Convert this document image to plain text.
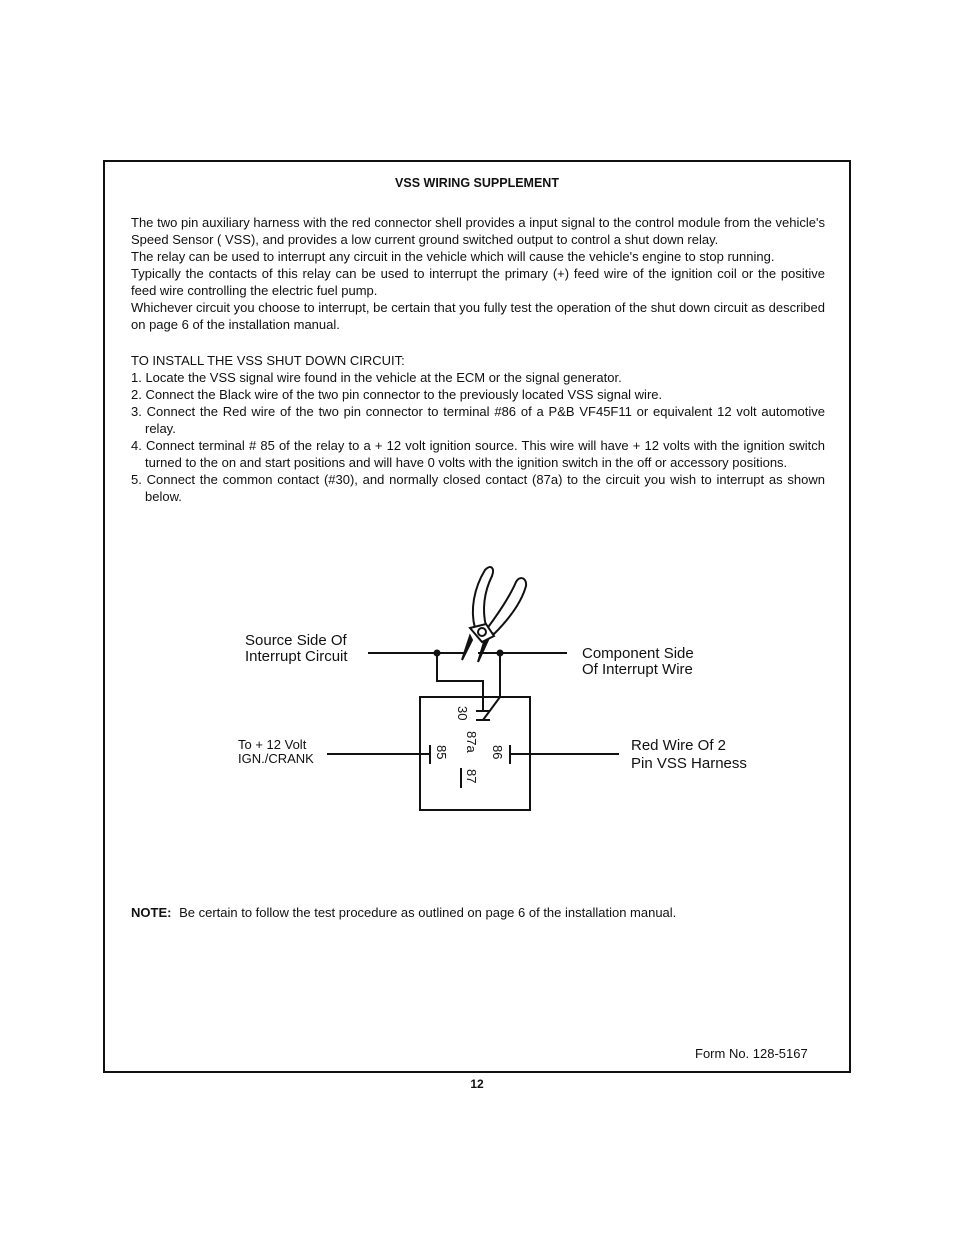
VSS WIRING SUPPLEMENT

The two pin auxiliary harness with the red connector shell provides a input signal to the control module from the vehicle's Speed Sensor ( VSS), and provides a low current ground switched output to control a shut down relay.

The relay can be used to interrupt any circuit in the vehicle which will cause the vehicle's engine to stop running.

Typically the contacts of this relay can be used to interrupt the primary (+) feed wire of the ignition coil or the positive feed wire controlling the electric fuel pump.

Whichever circuit you choose to interrupt, be certain that you fully test the operation of the shut down circuit as described on page 6 of the installation manual.

TO INSTALL THE VSS SHUT DOWN CIRCUIT:

1. Locate the VSS signal wire found in the vehicle at the ECM or the signal generator.

2. Connect the Black wire of the two pin connector to the previously located VSS signal wire.

3. Connect the Red wire of the two pin connector to terminal #86 of a P&B VF45F11 or equivalent 12 volt automotive relay.

4. Connect terminal # 85 of the relay to a + 12 volt ignition source. This wire will have + 12 volts with the ignition switch turned to the on and start positions and will have 0 volts with the ignition switch in the off or accessory positions.

5. Connect the common contact (#30), and normally closed contact (87a) to the circuit you wish to interrupt as shown below.

Source Side Of
Interrupt Circuit	Component Side
Of Interrupt Wire
To + 12 Volt
IGN./CRANK
Red Wire Of 2
Pin VSS Harness
30
87a
85	86
87
NOTE: Be certain to follow the test procedure as outlined on page 6 of the installation manual.
Form No. 128-5167
12
